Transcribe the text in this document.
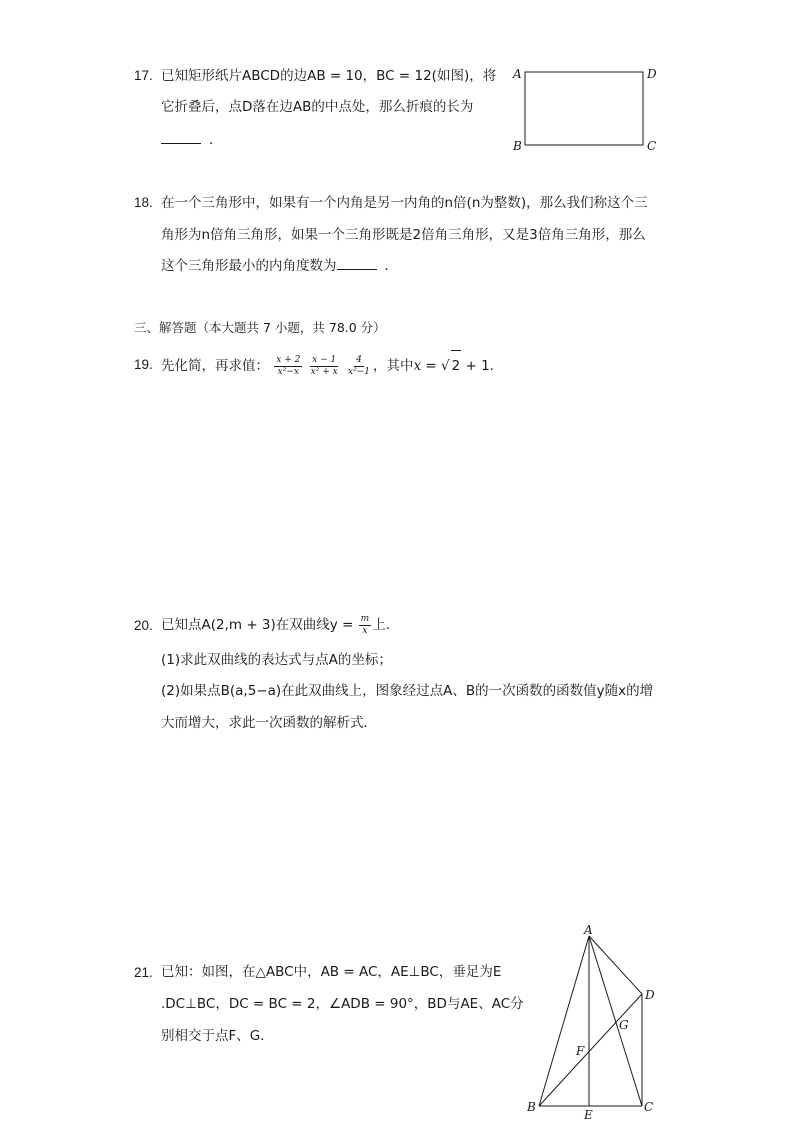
17. 已知矩形纸片ABCD的边AB = 10，BC = 12(如图)，将
它折叠后，点D落在边AB的中点处，那么折痕的长为
．
A	D
B	C
18. 在一个三角形中，如果有一个内角是另一内角的n倍(n为整数)，那么我们称这个三
角形为n倍角三角形，如果一个三角形既是2倍角三角形，又是3倍角三角形，那么
这个三角形最小的内角度数为	．
三、解答题（本大题共 7 小题，共 78.0 分）
19. 先化简，再求值： $\frac{x + 2}{\text{x²−x}}$
$\frac{x - 1}{\text{x² + x}}$
$\frac{4}{\text{x²−1}}$ ，其中x = √ 2 + 1．
20. 已知点A(2,m + 3)在双曲线$y = \frac{m}{x}$ 上.
(1)求此双曲线的表达式与点A的坐标；
(2)如果点B(a,5−a)在此双曲线上，图象经过点A、B的一次函数的函数值y随x的增
大而增大，求此一次函数的解析式．
21. 已知：如图，在△ABC中，AB = AC，AE⊥BC，垂足为E
.DC⊥BC，DC = BC = 2，∠ADB = 90°，BD与AE、AC分
别相交于点F、G．
A
D
G
F
B
E
C
